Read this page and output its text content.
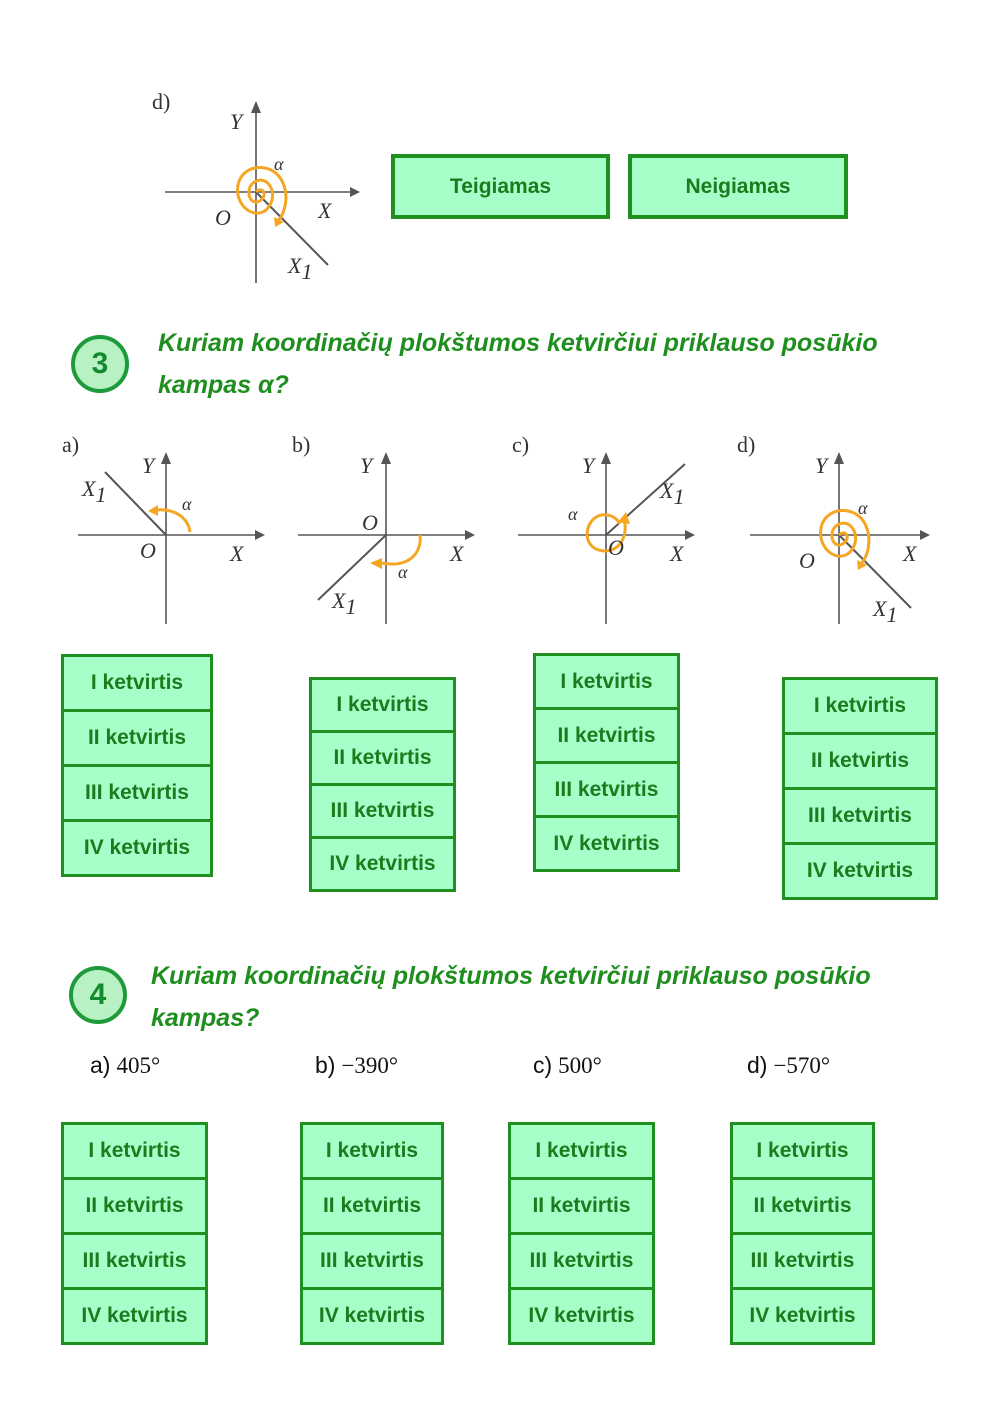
d)
Y
X
O
α
X1
Teigiamas	Neigiamas
3
Kuriam koordinačių plokštumos ketvirčiui priklauso posūkio
kampas α?
a)
Y
X
O
α
X1
b)
Y
X
O
α
X1
c)
Y
X
O
α
X1
d)
Y
X
O
α
X1
I ketvirtis
II ketvirtis
III ketvirtis
IV ketvirtis
I ketvirtis
II ketvirtis
III ketvirtis
IV ketvirtis
I ketvirtis
II ketvirtis
III ketvirtis
IV ketvirtis
I ketvirtis
II ketvirtis
III ketvirtis
IV ketvirtis
4
Kuriam koordinačių plokštumos ketvirčiui priklauso posūkio
kampas?
a) 405°	b) −390°	c) 500°	d) −570°
I ketvirtis
II ketvirtis
III ketvirtis
IV ketvirtis
I ketvirtis
II ketvirtis
III ketvirtis
IV ketvirtis
I ketvirtis
II ketvirtis
III ketvirtis
IV ketvirtis
I ketvirtis
II ketvirtis
III ketvirtis
IV ketvirtis
